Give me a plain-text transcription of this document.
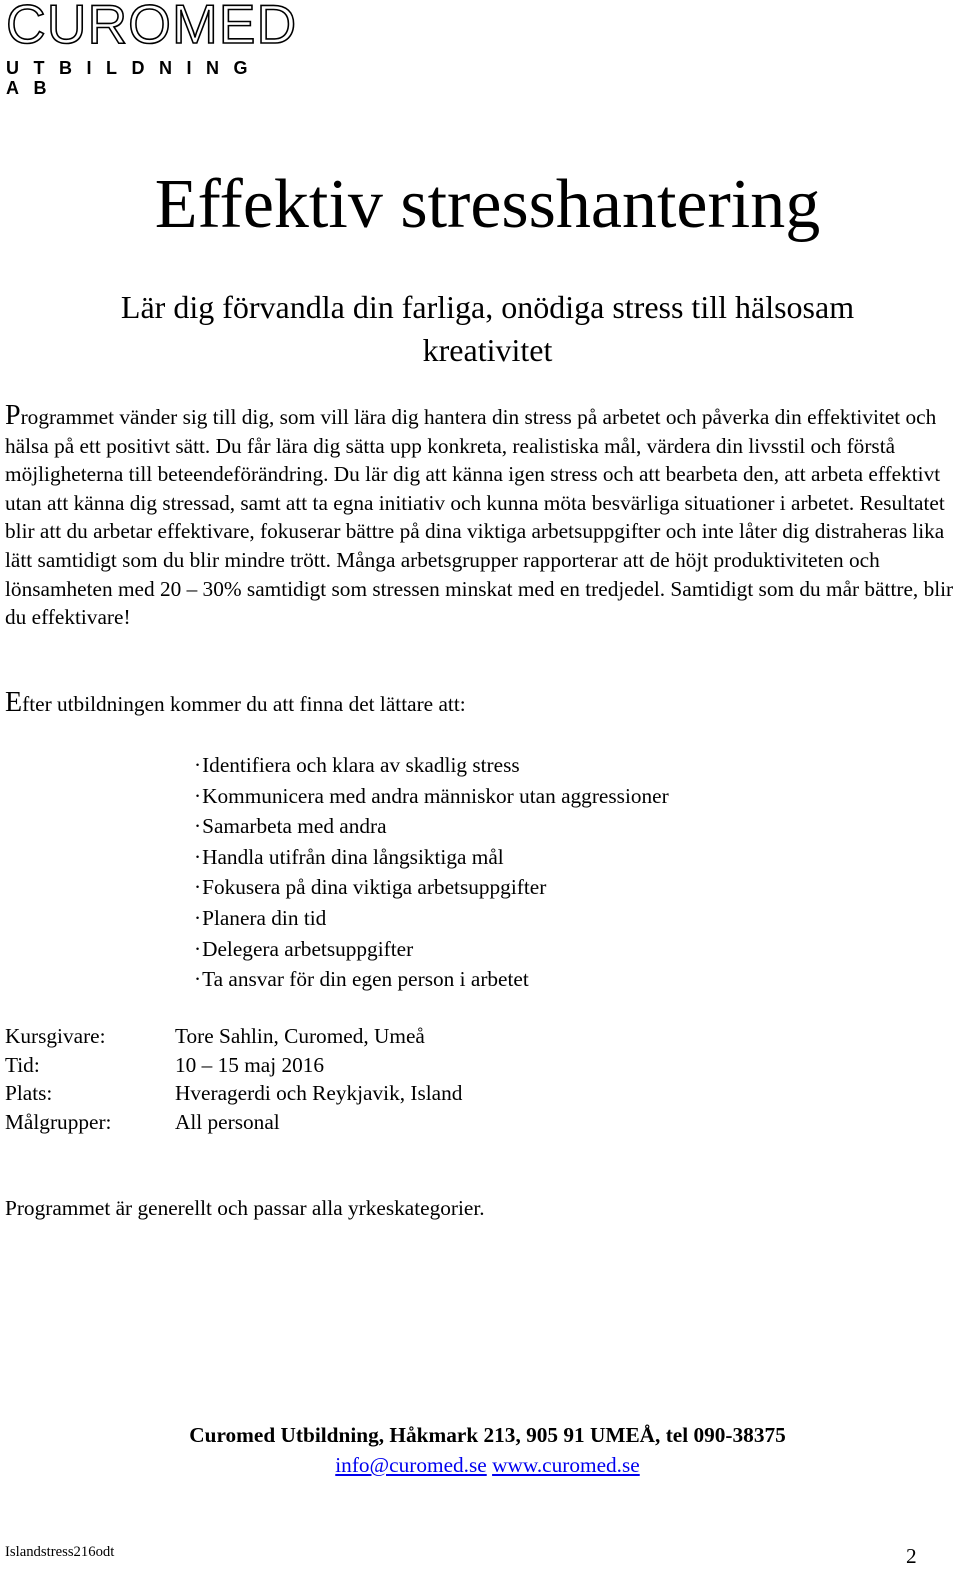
CUROMED
UTBILDNING AB
Effektiv stresshantering
Lär dig förvandla din farliga, onödiga stress till hälsosam
kreativitet

Programmet vänder sig till dig, som vill lära dig hantera din stress på arbetet och påverka din effektivitet och hälsa på ett positivt sätt. Du får lära dig sätta upp konkreta, realistiska mål, värdera din livsstil och förstå möjligheterna till beteendeförändring. Du lär dig att känna igen stress och att bearbeta den, att arbeta effektivt utan att känna dig stressad, samt att ta egna initiativ och kunna möta besvärliga situationer i arbetet. Resultatet blir att du arbetar effektivare, fokuserar bättre på dina viktiga arbetsuppgifter och inte låter dig distraheras lika lätt samtidigt som du blir mindre trött. Många arbetsgrupper rapporterar att de höjt produktiviteten och lönsamheten med 20 – 30% samtidigt som stressen minskat med en tredjedel. Samtidigt som du mår bättre, blir du effektivare!

Efter utbildningen kommer du att finna det lättare att:

· Identifiera och klara av skadlig stress
· Kommunicera med andra människor utan aggressioner
· Samarbeta med andra
· Handla utifrån dina långsiktiga mål
· Fokusera på dina viktiga arbetsuppgifter
· Planera din tid
· Delegera arbetsuppgifter
· Ta ansvar för din egen person i arbetet
Kursgivare:	Tore Sahlin, Curomed, Umeå
Tid:	10 – 15 maj 2016
Plats:	Hveragerdi och Reykjavik, Island
Målgrupper:	All personal

Programmet är generellt och passar alla yrkeskategorier.

Curomed Utbildning, Håkmark 213, 905 91 UMEÅ, tel 090-38375
info@curomed.se www.curomed.se
Islandstress216odt	2
